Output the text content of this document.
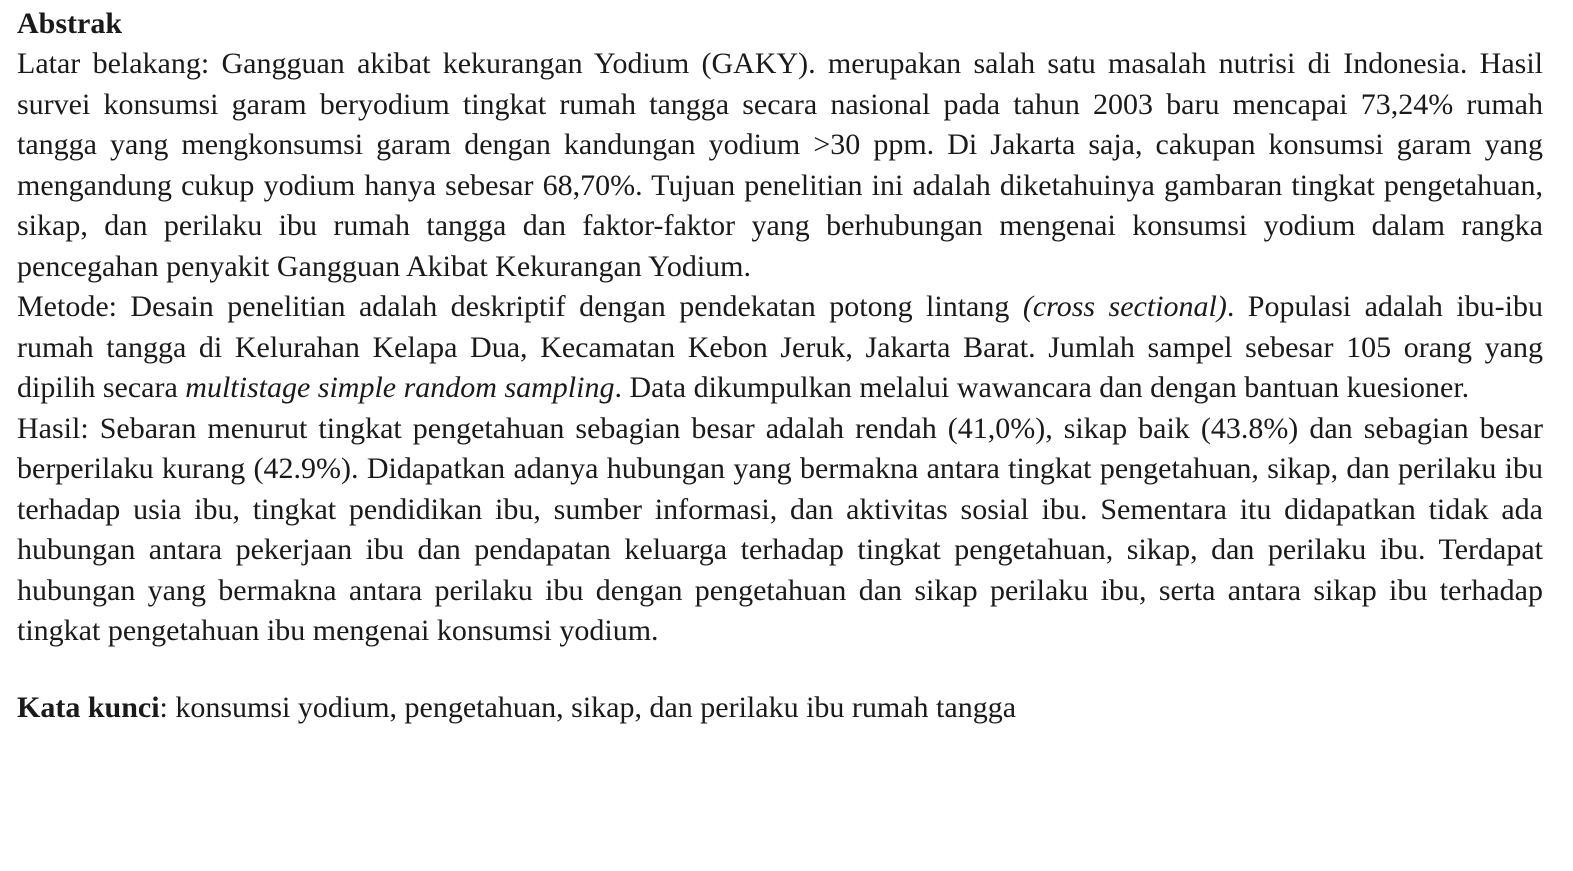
Abstrak

Latar belakang: Gangguan akibat kekurangan Yodium (GAKY). merupakan salah satu masalah nutrisi di Indonesia. Hasil survei konsumsi garam beryodium tingkat rumah tangga secara nasional pada tahun 2003 baru mencapai 73,24% rumah tangga yang mengkonsumsi garam dengan kandungan yodium >30 ppm. Di Jakarta saja, cakupan konsumsi garam yang mengandung cukup yodium hanya sebesar 68,70%. Tujuan penelitian ini adalah diketahuinya gambaran tingkat pengetahuan, sikap, dan perilaku ibu rumah tangga dan faktor-faktor yang berhubungan mengenai konsumsi yodium dalam rangka pencegahan penyakit Gangguan Akibat Kekurangan Yodium.

Metode: Desain penelitian adalah deskriptif dengan pendekatan potong lintang (cross sectional). Populasi adalah ibu-ibu rumah tangga di Kelurahan Kelapa Dua, Kecamatan Kebon Jeruk, Jakarta Barat. Jumlah sampel sebesar 105 orang yang dipilih secara multistage simple random sampling. Data dikumpulkan melalui wawancara dan dengan bantuan kuesioner.

Hasil: Sebaran menurut tingkat pengetahuan sebagian besar adalah rendah (41,0%), sikap baik (43.8%) dan sebagian besar berperilaku kurang (42.9%). Didapatkan adanya hubungan yang bermakna antara tingkat pengetahuan, sikap, dan perilaku ibu terhadap usia ibu, tingkat pendidikan ibu, sumber informasi, dan aktivitas sosial ibu. Sementara itu didapatkan tidak ada hubungan antara pekerjaan ibu dan pendapatan keluarga terhadap tingkat pengetahuan, sikap, dan perilaku ibu. Terdapat hubungan yang bermakna antara perilaku ibu dengan pengetahuan dan sikap perilaku ibu, serta antara sikap ibu terhadap tingkat pengetahuan ibu mengenai konsumsi yodium.

Kata kunci: konsumsi yodium, pengetahuan, sikap, dan perilaku ibu rumah tangga
